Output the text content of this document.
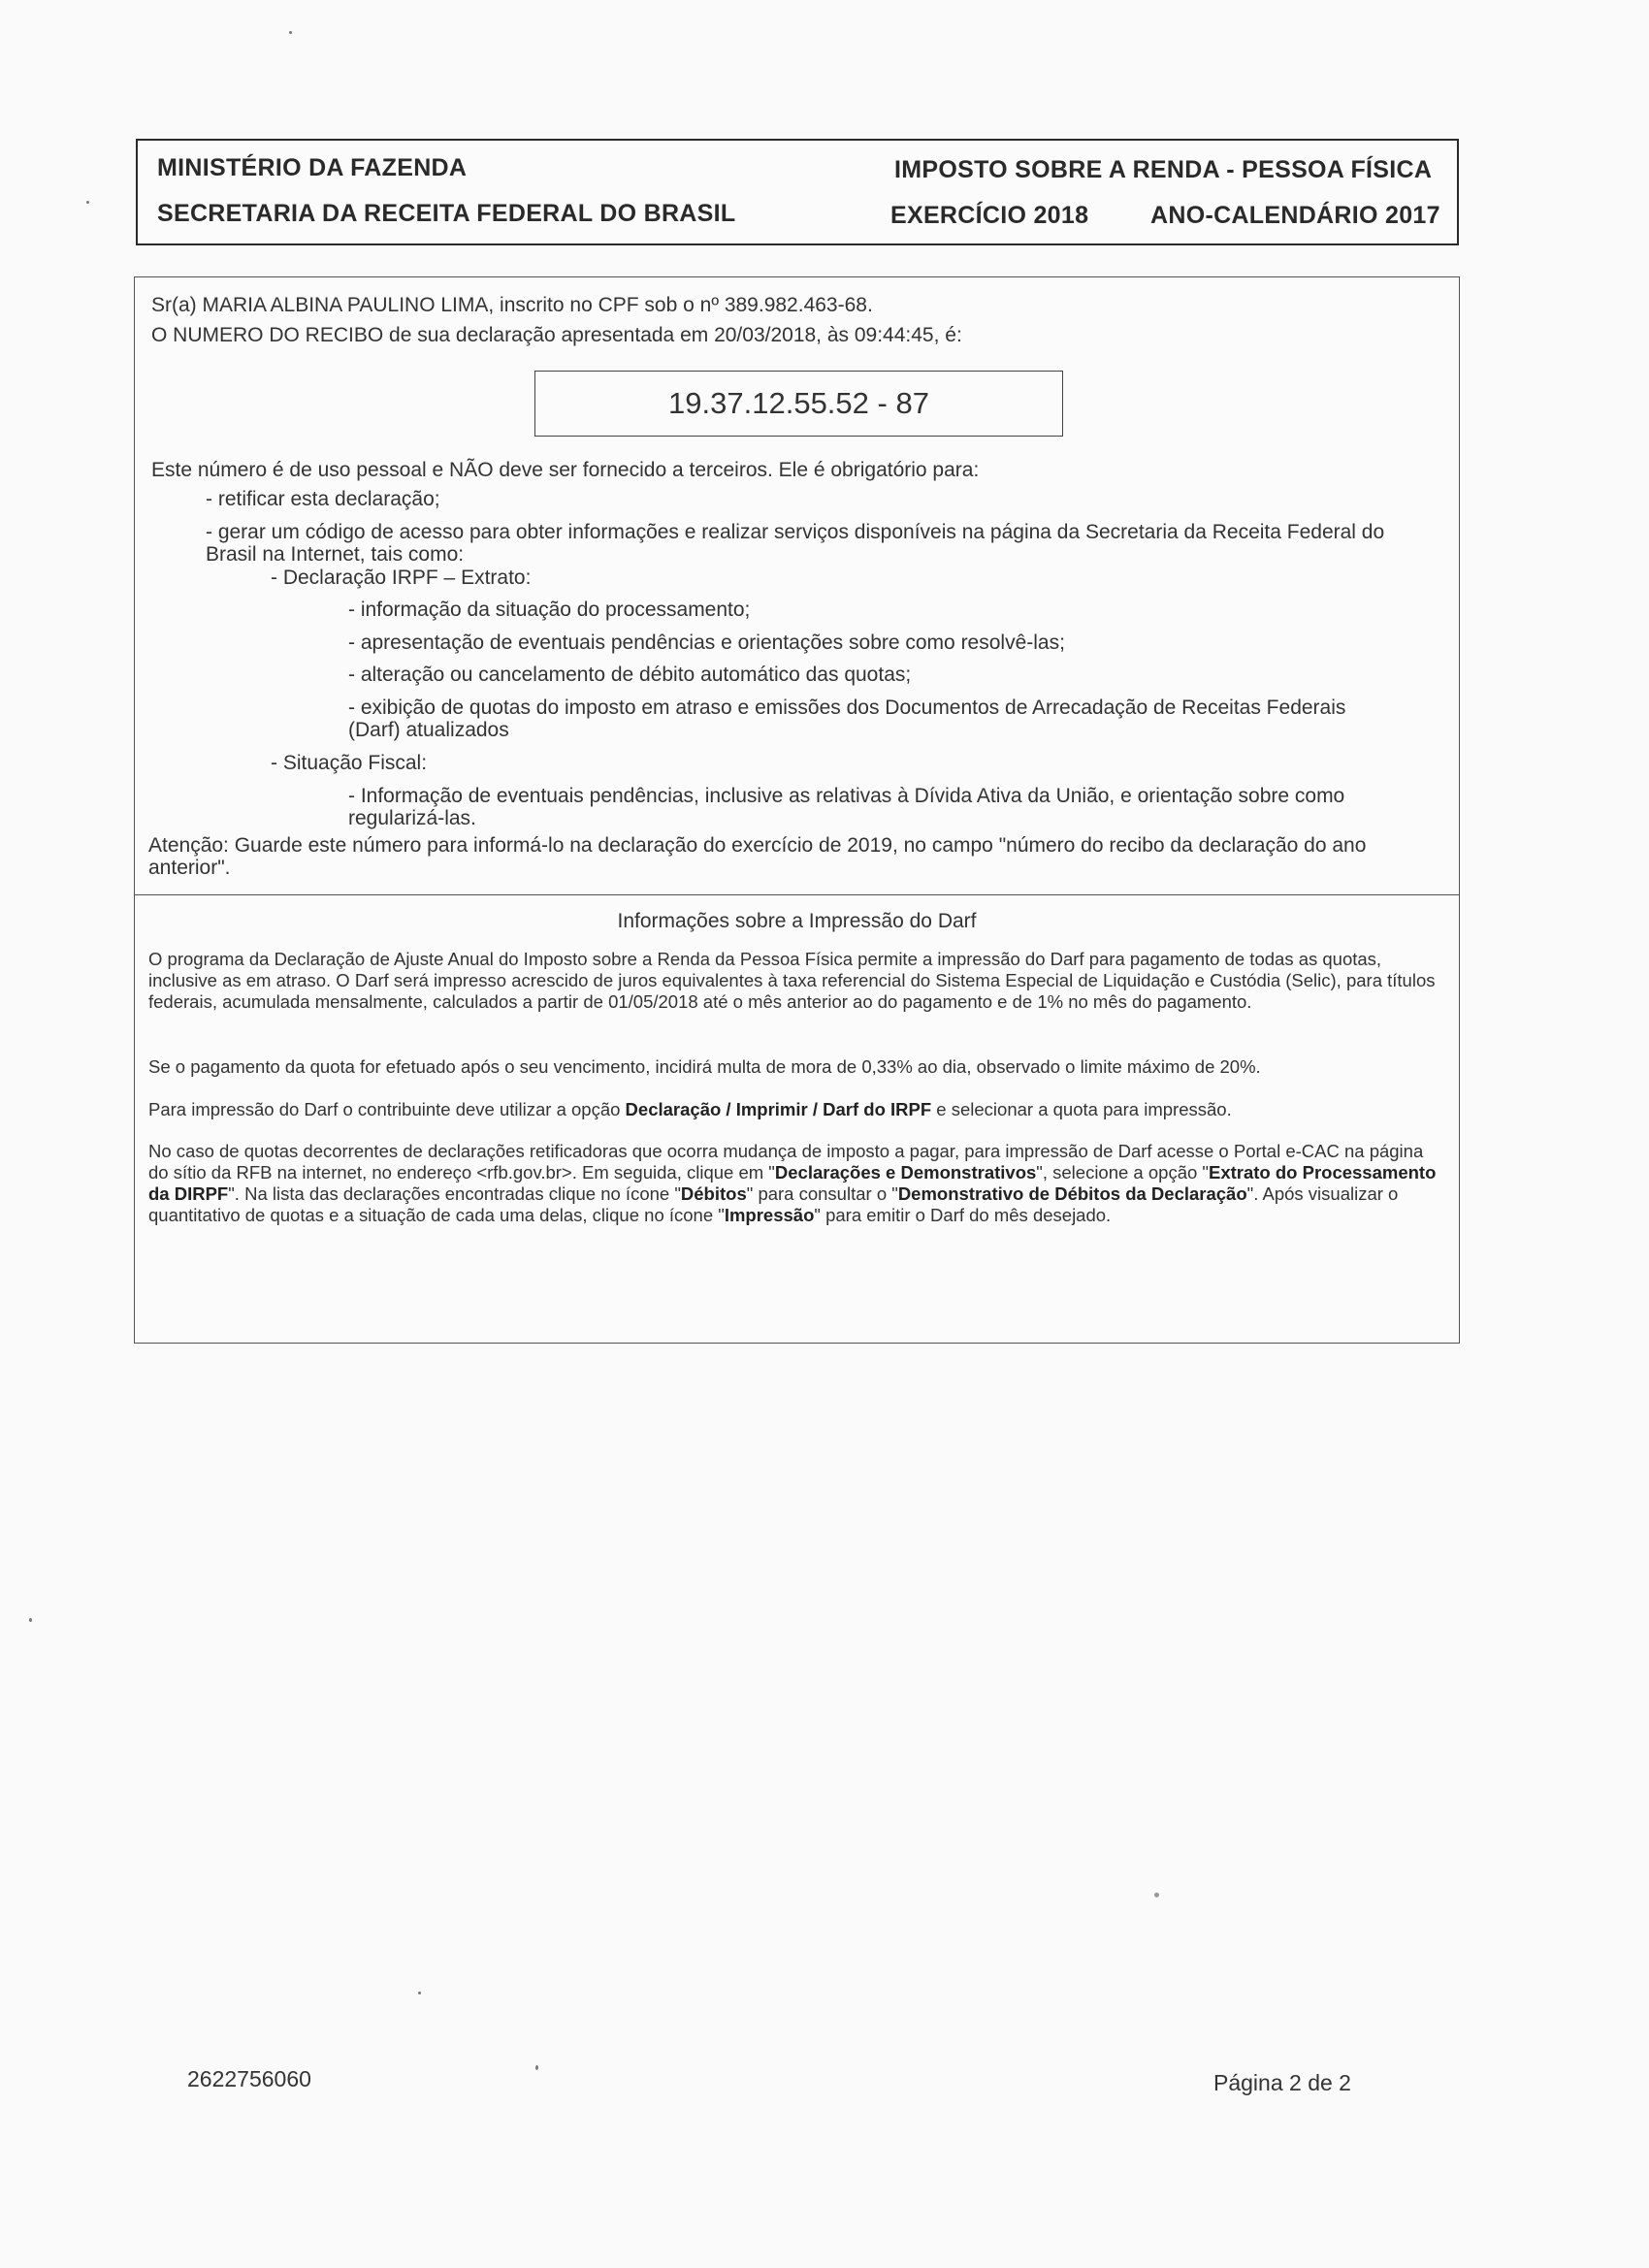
MINISTÉRIO DA FAZENDA
SECRETARIA DA RECEITA FEDERAL DO BRASIL
IMPOSTO SOBRE A RENDA - PESSOA FÍSICA
EXERCÍCIO 2018	ANO-CALENDÁRIO 2017
Sr(a) MARIA ALBINA PAULINO LIMA, inscrito no CPF sob o nº 389.982.463-68.
O NUMERO DO RECIBO de sua declaração apresentada em 20/03/2018, às 09:44:45, é:
19.37.12.55.52 - 87
Este número é de uso pessoal e NÃO deve ser fornecido a terceiros. Ele é obrigatório para:
- retificar esta declaração;
- gerar um código de acesso para obter informações e realizar serviços disponíveis na página da Secretaria da Receita Federal do Brasil na Internet, tais como:
- Declaração IRPF – Extrato:
- informação da situação do processamento;
- apresentação de eventuais pendências e orientações sobre como resolvê-las;
- alteração ou cancelamento de débito automático das quotas;
- exibição de quotas do imposto em atraso e emissões dos Documentos de Arrecadação de Receitas Federais (Darf) atualizados
- Situação Fiscal:
- Informação de eventuais pendências, inclusive as relativas à Dívida Ativa da União, e orientação sobre como regularizá-las.
Atenção: Guarde este número para informá-lo na declaração do exercício de 2019, no campo "número do recibo da declaração do ano anterior".
Informações sobre a Impressão do Darf
O programa da Declaração de Ajuste Anual do Imposto sobre a Renda da Pessoa Física permite a impressão do Darf para pagamento de todas as quotas, inclusive as em atraso. O Darf será impresso acrescido de juros equivalentes à taxa referencial do Sistema Especial de Liquidação e Custódia (Selic), para títulos federais, acumulada mensalmente, calculados a partir de 01/05/2018 até o mês anterior ao do pagamento e de 1% no mês do pagamento.
Se o pagamento da quota for efetuado após o seu vencimento, incidirá multa de mora de 0,33% ao dia, observado o limite máximo de 20%.
Para impressão do Darf o contribuinte deve utilizar a opção Declaração / Imprimir / Darf do IRPF e selecionar a quota para impressão.
No caso de quotas decorrentes de declarações retificadoras que ocorra mudança de imposto a pagar, para impressão de Darf acesse o Portal e-CAC na página do sítio da RFB na internet, no endereço <rfb.gov.br>. Em seguida, clique em "Declarações e Demonstrativos", selecione a opção "Extrato do Processamento da DIRPF". Na lista das declarações encontradas clique no ícone "Débitos" para consultar o "Demonstrativo de Débitos da Declaração". Após visualizar o quantitativo de quotas e a situação de cada uma delas, clique no ícone "Impressão" para emitir o Darf do mês desejado.
2622756060	Página 2 de 2
